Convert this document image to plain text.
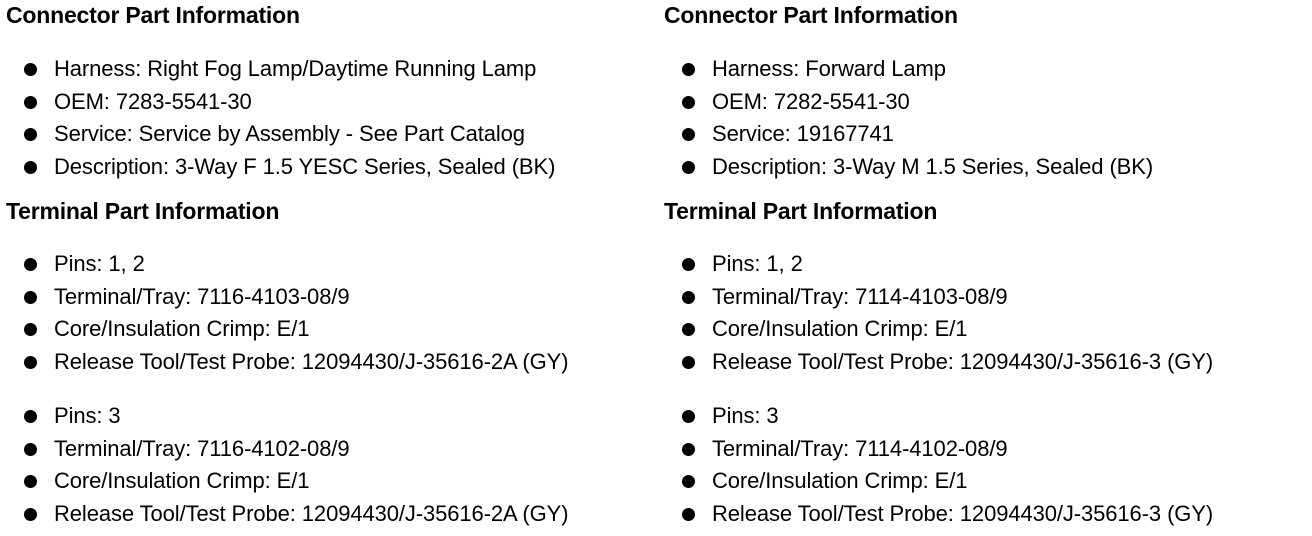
Connector Part Information
Harness: Right Fog Lamp/Daytime Running Lamp
OEM: 7283-5541-30
Service: Service by Assembly - See Part Catalog
Description: 3-Way F 1.5 YESC Series, Sealed (BK)
Terminal Part Information
Pins: 1, 2
Terminal/Tray: 7116-4103-08/9
Core/Insulation Crimp: E/1
Release Tool/Test Probe: 12094430/J-35616-2A (GY)
Pins: 3
Terminal/Tray: 7116-4102-08/9
Core/Insulation Crimp: E/1
Release Tool/Test Probe: 12094430/J-35616-2A (GY)
Connector Part Information
Harness: Forward Lamp
OEM: 7282-5541-30
Service: 19167741
Description: 3-Way M 1.5 Series, Sealed (BK)
Terminal Part Information
Pins: 1, 2
Terminal/Tray: 7114-4103-08/9
Core/Insulation Crimp: E/1
Release Tool/Test Probe: 12094430/J-35616-3 (GY)
Pins: 3
Terminal/Tray: 7114-4102-08/9
Core/Insulation Crimp: E/1
Release Tool/Test Probe: 12094430/J-35616-3 (GY)
